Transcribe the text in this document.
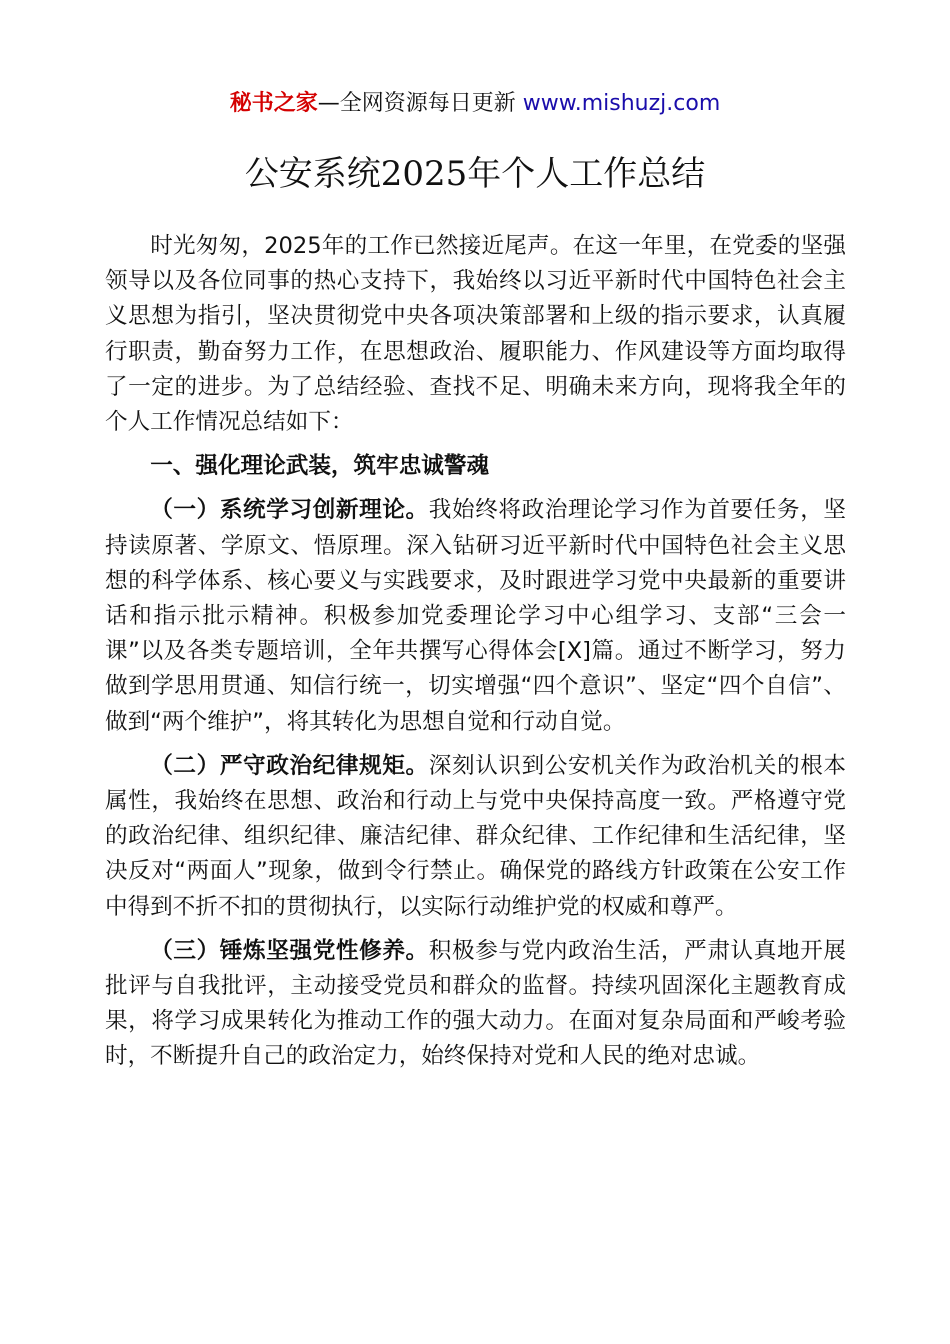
秘书之家—全网资源每日更新 www.mishuzj.com
公安系统2025年个人工作总结

时光匆匆，2025年的工作已然接近尾声。在这一年里，在党委的坚强领导以及各位同事的热心支持下，我始终以习近平新时代中国特色社会主义思想为指引，坚决贯彻党中央各项决策部署和上级的指示要求，认真履行职责，勤奋努力工作，在思想政治、履职能力、作风建设等方面均取得了一定的进步。为了总结经验、查找不足、明确未来方向，现将我全年的个人工作情况总结如下：

一、强化理论武装，筑牢忠诚警魂

（一）系统学习创新理论。我始终将政治理论学习作为首要任务，坚持读原著、学原文、悟原理。深入钻研习近平新时代中国特色社会主义思想的科学体系、核心要义与实践要求，及时跟进学习党中央最新的重要讲话和指示批示精神。积极参加党委理论学习中心组学习、支部“三会一课”以及各类专题培训，全年共撰写心得体会[X]篇。通过不断学习，努力做到学思用贯通、知信行统一，切实增强“四个意识”、坚定“四个自信”、做到“两个维护”，将其转化为思想自觉和行动自觉。

（二）严守政治纪律规矩。深刻认识到公安机关作为政治机关的根本属性，我始终在思想、政治和行动上与党中央保持高度一致。严格遵守党的政治纪律、组织纪律、廉洁纪律、群众纪律、工作纪律和生活纪律，坚决反对“两面人”现象，做到令行禁止。确保党的路线方针政策在公安工作中得到不折不扣的贯彻执行，以实际行动维护党的权威和尊严。

（三）锤炼坚强党性修养。积极参与党内政治生活，严肃认真地开展批评与自我批评，主动接受党员和群众的监督。持续巩固深化主题教育成果，将学习成果转化为推动工作的强大动力。在面对复杂局面和严峻考验时，不断提升自己的政治定力，始终保持对党和人民的绝对忠诚。
